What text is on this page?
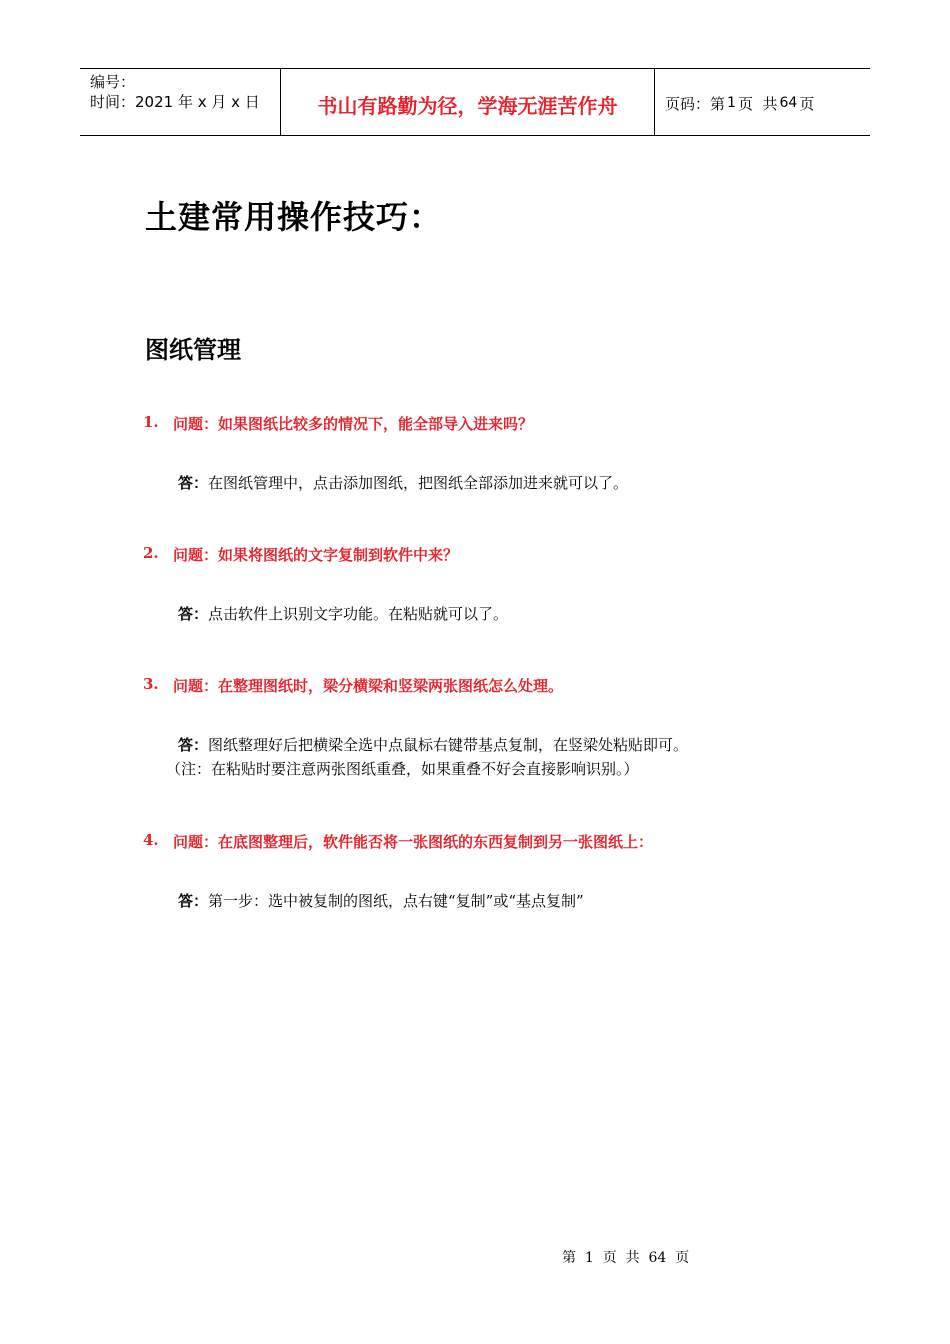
编号：
时间：2021 年 x 月 x 日	书山有路勤为径，学海无涯苦作舟	页码：第 1 页  共 64 页
土建常用操作技巧：
图纸管理
1. 问题：如果图纸比较多的情况下，能全部导入进来吗？
答：在图纸管理中，点击添加图纸，把图纸全部添加进来就可以了。
2. 问题：如果将图纸的文字复制到软件中来？
答：点击软件上识别文字功能。在粘贴就可以了。
3. 问题：在整理图纸时，梁分横梁和竖梁两张图纸怎么处理。
答：图纸整理好后把横梁全选中点鼠标右键带基点复制，在竖梁处粘贴即可。
（注：在粘贴时要注意两张图纸重叠，如果重叠不好会直接影响识别。）
4. 问题：在底图整理后，软件能否将一张图纸的东西复制到另一张图纸上：
答：第一步：选中被复制的图纸，点右键“复制”或“基点复制”
第  1  页  共  64  页
